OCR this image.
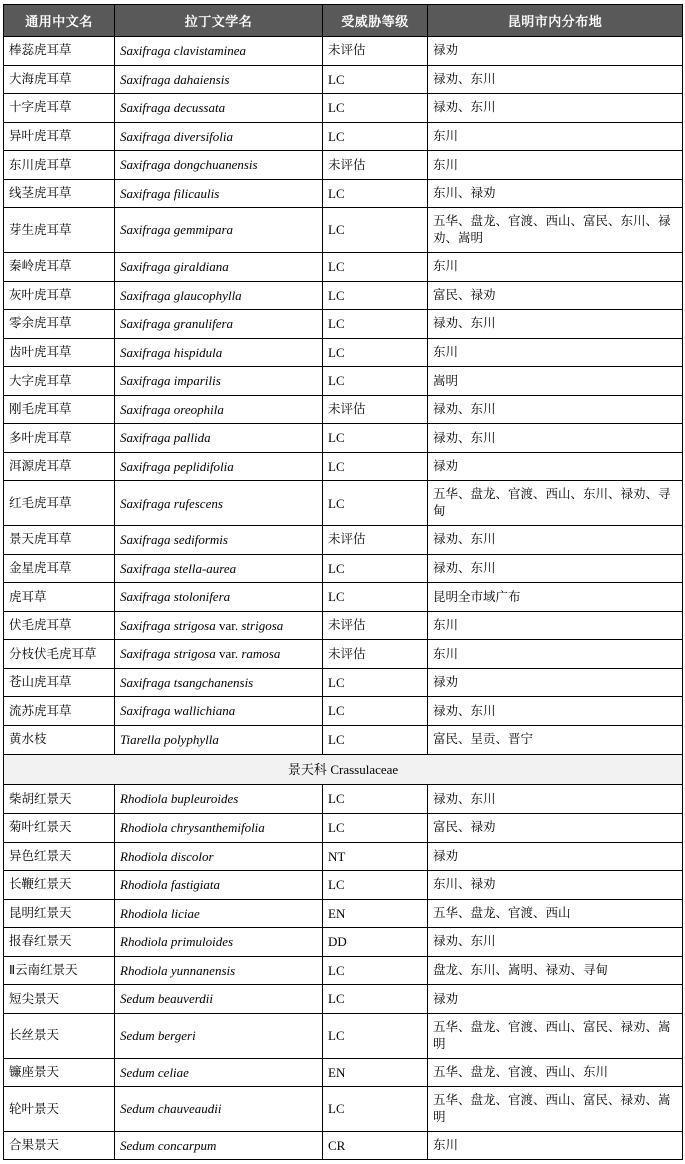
通用中文名	拉丁文学名	受威胁等级	昆明市内分布地
棒蕊虎耳草	Saxifraga clavistaminea	未评估	禄劝
大海虎耳草	Saxifraga dahaiensis	LC	禄劝、东川
十字虎耳草	Saxifraga decussata	LC	禄劝、东川
异叶虎耳草	Saxifraga diversifolia	LC	东川
东川虎耳草	Saxifraga dongchuanensis	未评估	东川
线茎虎耳草	Saxifraga filicaulis	LC	东川、禄劝
芽生虎耳草	Saxifraga gemmipara	LC	五华、盘龙、官渡、西山、富民、东川、禄劝、嵩明
秦岭虎耳草	Saxifraga giraldiana	LC	东川
灰叶虎耳草	Saxifraga glaucophylla	LC	富民、禄劝
零余虎耳草	Saxifraga granulifera	LC	禄劝、东川
齿叶虎耳草	Saxifraga hispidula	LC	东川
大字虎耳草	Saxifraga imparilis	LC	嵩明
刚毛虎耳草	Saxifraga oreophila	未评估	禄劝、东川
多叶虎耳草	Saxifraga pallida	LC	禄劝、东川
洱源虎耳草	Saxifraga peplidifolia	LC	禄劝
红毛虎耳草	Saxifraga rufescens	LC	五华、盘龙、官渡、西山、东川、禄劝、寻甸
景天虎耳草	Saxifraga sediformis	未评估	禄劝、东川
金星虎耳草	Saxifraga stella-aurea	LC	禄劝、东川
虎耳草	Saxifraga stolonifera	LC	昆明全市域广布
伏毛虎耳草	Saxifraga strigosa var. strigosa	未评估	东川
分枝伏毛虎耳草	Saxifraga strigosa var. ramosa	未评估	东川
苍山虎耳草	Saxifraga tsangchanensis	LC	禄劝
流苏虎耳草	Saxifraga wallichiana	LC	禄劝、东川
黄水枝	Tiarella polyphylla	LC	富民、呈贡、晋宁
景天科 Crassulaceae			
柴胡红景天	Rhodiola bupleuroides	LC	禄劝、东川
菊叶红景天	Rhodiola chrysanthemifolia	LC	富民、禄劝
异色红景天	Rhodiola discolor	NT	禄劝
长鞭红景天	Rhodiola fastigiata	LC	东川、禄劝
昆明红景天	Rhodiola liciae	EN	五华、盘龙、官渡、西山
报春红景天	Rhodiola primuloides	DD	禄劝、东川
Ⅱ云南红景天	Rhodiola yunnanensis	LC	盘龙、东川、嵩明、禄劝、寻甸
短尖景天	Sedum beauverdii	LC	禄劝
长丝景天	Sedum bergeri	LC	五华、盘龙、官渡、西山、富民、禄劝、嵩明
镰座景天	Sedum celiae	EN	五华、盘龙、官渡、西山、东川
轮叶景天	Sedum chauveaudii	LC	五华、盘龙、官渡、西山、富民、禄劝、嵩明
合果景天	Sedum concarpum	CR	东川
